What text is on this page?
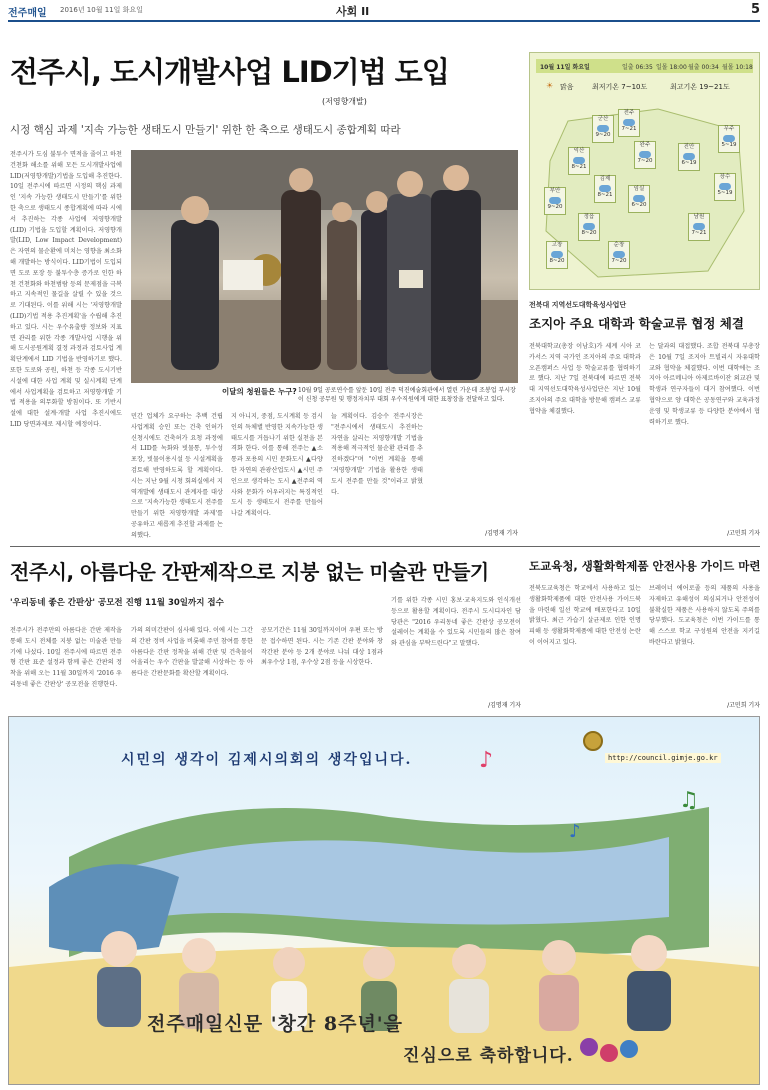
전주매일 2016년 10월 11일 화요일	사회 II	5
전주시, 도시개발사업 LID기법 도입
(저영향개발)
시정 핵심 과제 '지속 가능한 생태도시 만들기' 위한 한 축으로 생태도시 종합계획 따라
전주시가 도심 불투수 면적을 줄이고 하천 건천화 해소를 위해 모든 도시개발사업에 LID(저영향개발)기법을 도입해 추진한다. 10일 전주시에 따르면 시정의 핵심 과제인 '지속 가능한 생태도시 만들기'를 위한 한 축으로 생태도시 종합계획에 따라 시에서 추진하는 각종 사업에 저영향개발(LID) 기법을 도입할 계획이다. 저영향개발(LID, Low Impact Development)은 자연의 물순환에 미치는 영향을 최소화해 개발하는 방식이다. LID기법이 도입되면 도로 포장 등 불투수층 증가로 인한 하천 건천화와 하천범람 등의 문제점을 극복하고 지속적인 물길을 살릴 수 있을 것으로 기대된다. 이를 위해 시는 '저영향개발(LID)기법 적용 추진계획'을 수립해 추진하고 있다. 시는 우수유출량 정보와 지표면 관리를 위한 각종 개발사업 시행을 위해 도시공원계획 결정 과정과 검토사업 계획단계에서 LID 기법을 반영하기로 했다. 또한 도로와 공원, 하천 등 각종 도시기반시설에 대한 사업 계획 및 실시계획 단계에서 사업계획을 검토하고 저영향개발 기법 적용을 의무화할 방침이다. 또 기반시설에 대한 설계·개발 사업 추진시에도 LID 당면과제로 제시할 예정이다.
이달의 청원들은 누구? 10월 9일 공로연수를 앞둔 10일 전주 덕진예술회관에서 열린 가운데 조봉업 부시장이 신청 공무원 및 행정자치부 대회 우수직원에게 대한 표창장을 전달하고 있다.
민간 업체가 요구하는 추백 건립 사업계획 승인 또는 건축 인허가 신청시에도 건축허가 요청 과정에서 LID를 녹화와 빗물통, 투수성포장, 빗물이용시설 등 시설계획을 검토해 반영하도록 할 계획이다. 시는 지난 9월 시청 회의실에서 지역개발에 생태도시 관계자를 대상으로 '지속가능한 생태도시 전주를 만들기 위한 저영향개발 과제'를 공유하고 새롭게 추진할 과제를 논의했다.
지 아니지, 중점, 도시계획 등 검시인의 득체별 반영한 지속가능한 생태도시를 거듭나기 위한 실천을 본격화 한다. 이를 통해 전주는 ▲소통과 포용의 시민 문화도시 ▲다양한 자연의 관광산업도시 ▲시민 주인으로 생각하는 도시 ▲전주의 역사와 문화가 어우러지는 특징적인 도시 등 생태도시 전주를 만들어 나갈 계획이다.
늘 계획이다. 김승수 전주시장은 "전주시에서 생태도시 추진하는 자연을 살리는 저영향개발 기법을 적용해 적극적인 물순환 관리를 추진하겠다"며 "이번 계획을 통해 '저영향개발' 기법을 활용한 생태도시 전주를 만들 것"이라고 밝혔다.
/김명재 기자
10월 11일 화요일	일출 06:35 일몰 18:00 월출 00:34 월몰 10:18
☀ 맑음	최저기온 7~10도	최고기온 19~21도
군산
9~20
전주
7~21
익산
8~21
완주
7~20
진안
6~19
무주
5~19
부안
9~20
김제
8~21
정읍
8~20
임실
6~20
장수
5~19
고창
8~20
순창
7~20
남원
7~21
전북대 지역선도대학육성사업단
조지아 주요 대학과 학술교류 협정 체결
전북대학교(총장 이남호)가 세계 시아 코카서스 지역 국가인 조지아의 주요 대학과 오픈캠퍼스 사업 등 학술교류를 협력하기로 했다. 지난 7일 전북대에 따르면 전북대 지역선도대학육성사업단은 지난 10월 조지아의 주요 대학을 방문해 캠퍼스 교류 협약을 체결했다.
는 달과의 대접했다. 조합 전북대 부총장은 10월 7일 조지아 트빌리시 자유대학교와 협약을 체결했다. 이번 대학에는 조지아 아르메니아 아제르바이잔 외교관 및 학생과 연구자들이 대거 참여했다. 이번 협약으로 양 대학은 공동연구와 교육과정 운영 및 학생교류 등 다양한 분야에서 협력하기로 했다.
/고민희 기자
전주시, 아름다운 간판제작으로 지붕 없는 미술관 만들기
'우리동네 좋은 간판상' 공모전 진행 11월 30일까지 접수
전주시가 전주만의 아름다운 간판 제작을 통해 도시 전체를 지붕 없는 미술관 만들기에 나섰다. 10일 전주시에 따르면 전주형 간판 표준 설정과 함께 좋은 간판의 정착을 위해 오는 11월 30일까지 '2016 우리동네 좋은 간판상' 공모전을 진행한다.
가의 의미간판이 심사해 있다. 이에 시는 그간의 간판 정비 사업을 비롯해 주민 참여를 통한 아름다운 간판 정착을 위해 간판 및 건축물이 어울리는 우수 간판을 발굴해 시상하는 등 아름다운 간판문화를 확산할 계획이다.
공모기간은 11월 30일까지이며 우편 또는 방문 접수하면 된다. 시는 기존 간판 분야와 창작간판 분야 등 2개 분야로 나눠 대상 1점과 최우수상 1점, 우수상 2점 등을 시상한다.
기를 위한 각종 시민 홍보·교육지도와 인식개선 등으로 활용할 계획이다. 전주시 도시디자인 담당관은 "2016 우리동네 좋은 간판상 공모전이 설레이는 계획을 수 있도록 시민들의 많은 참여와 관심을 부탁드린다"고 말했다.
/김명재 기자
도교육청, 생활화학제품 안전사용 가이드 마련
전북도교육청은 학교에서 사용하고 있는 생활화학제품에 대한 안전사용 가이드북을 마련해 일선 학교에 배포한다고 10일 밝혔다. 최근 가습기 살균제로 인한 인명 피해 등 생활화학제품에 대한 안전성 논란이 이어지고 있다.
브레이너 에어로졸 등의 제품의 사용을 자제하고 유해성이 의심되거나 안전성이 불확실한 제품은 사용하지 않도록 주의를 당부했다. 도교육청은 이번 가이드를 통해 스스로 학교 구성원의 안전을 지키길 바란다고 밝혔다.
/고민희 기자
♪
♫
♪
시민의 생각이 김제시의회의 생각입니다.	http://council.gimje.go.kr
전주매일신문 '창간 8주년'을
진심으로 축하합니다.
